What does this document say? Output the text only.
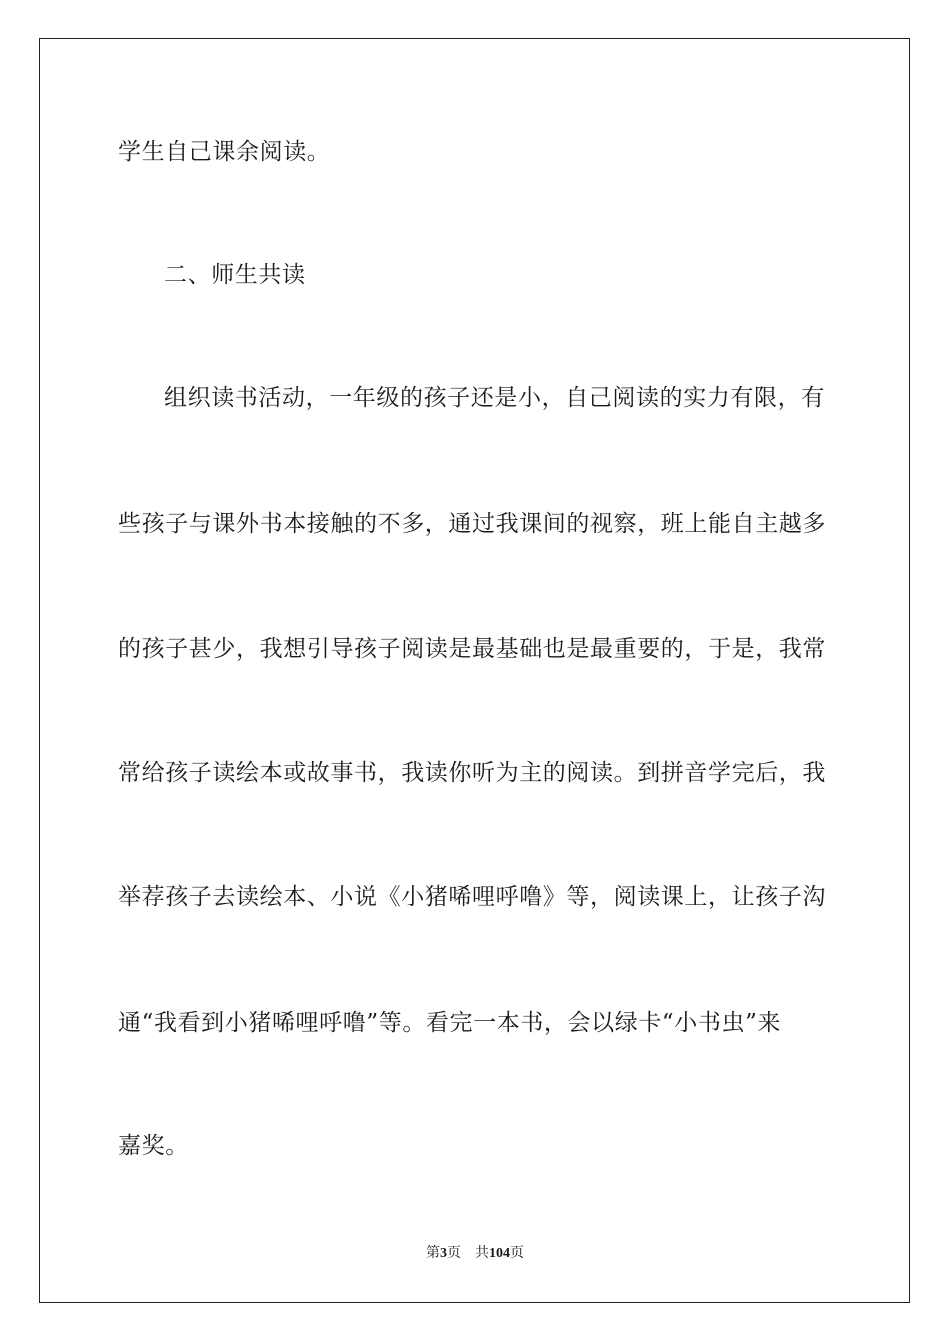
学生自己课余阅读。
二、师生共读
组织读书活动，一年级的孩子还是小，自己阅读的实力有限，有
些孩子与课外书本接触的不多，通过我课间的视察，班上能自主越多
的孩子甚少，我想引导孩子阅读是最基础也是最重要的，于是，我常
常给孩子读绘本或故事书，我读你听为主的阅读。到拼音学完后，我
举荐孩子去读绘本、小说《小猪唏哩呼噜》等，阅读课上，让孩子沟
通“我看到小猪唏哩呼噜”等。看完一本书，会以绿卡“小书虫”来
嘉奖。
第3页 共104页
